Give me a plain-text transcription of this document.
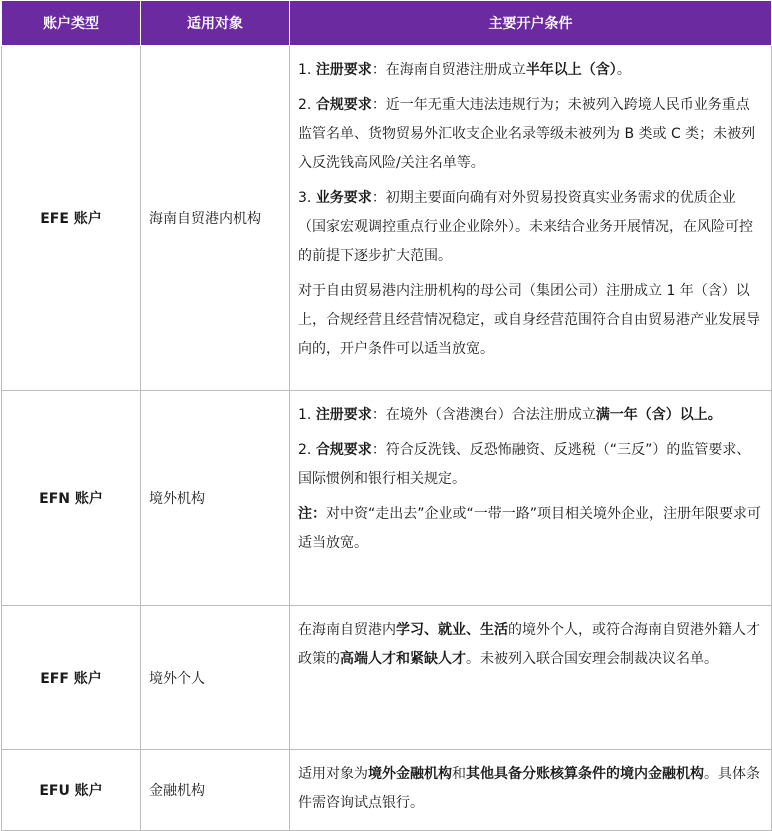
账户类型	适用对象	主要开户条件
EFE 账户	海南自贸港内机构	1. 注册要求：在海南自贸港注册成立半年以上（含）。
2. 合规要求：近一年无重大违法违规行为；未被列入跨境人民币业务重点监管名单、货物贸易外汇收支企业名录等级未被列为 B 类或 C 类；未被列入反洗钱高风险/关注名单等。
3. 业务要求：初期主要面向确有对外贸易投资真实业务需求的优质企业（国家宏观调控重点行业企业除外）。未来结合业务开展情况，在风险可控的前提下逐步扩大范围。
对于自由贸易港内注册机构的母公司（集团公司）注册成立 1 年（含）以上，合规经营且经营情况稳定，或自身经营范围符合自由贸易港产业发展导向的，开户条件可以适当放宽。

EFN 账户	境外机构	1. 注册要求：在境外（含港澳台）合法注册成立满一年（含）以上。
2. 合规要求：符合反洗钱、反恐怖融资、反逃税（“三反”）的监管要求、国际惯例和银行相关规定。
注：对中资“走出去”企业或“一带一路”项目相关境外企业，注册年限要求可适当放宽。

EFF 账户	境外个人	在海南自贸港内学习、就业、生活的境外个人，或符合海南自贸港外籍人才政策的高端人才和紧缺人才。未被列入联合国安理会制裁决议名单。

EFU 账户	金融机构	适用对象为境外金融机构和其他具备分账核算条件的境内金融机构。具体条件需咨询试点银行。
